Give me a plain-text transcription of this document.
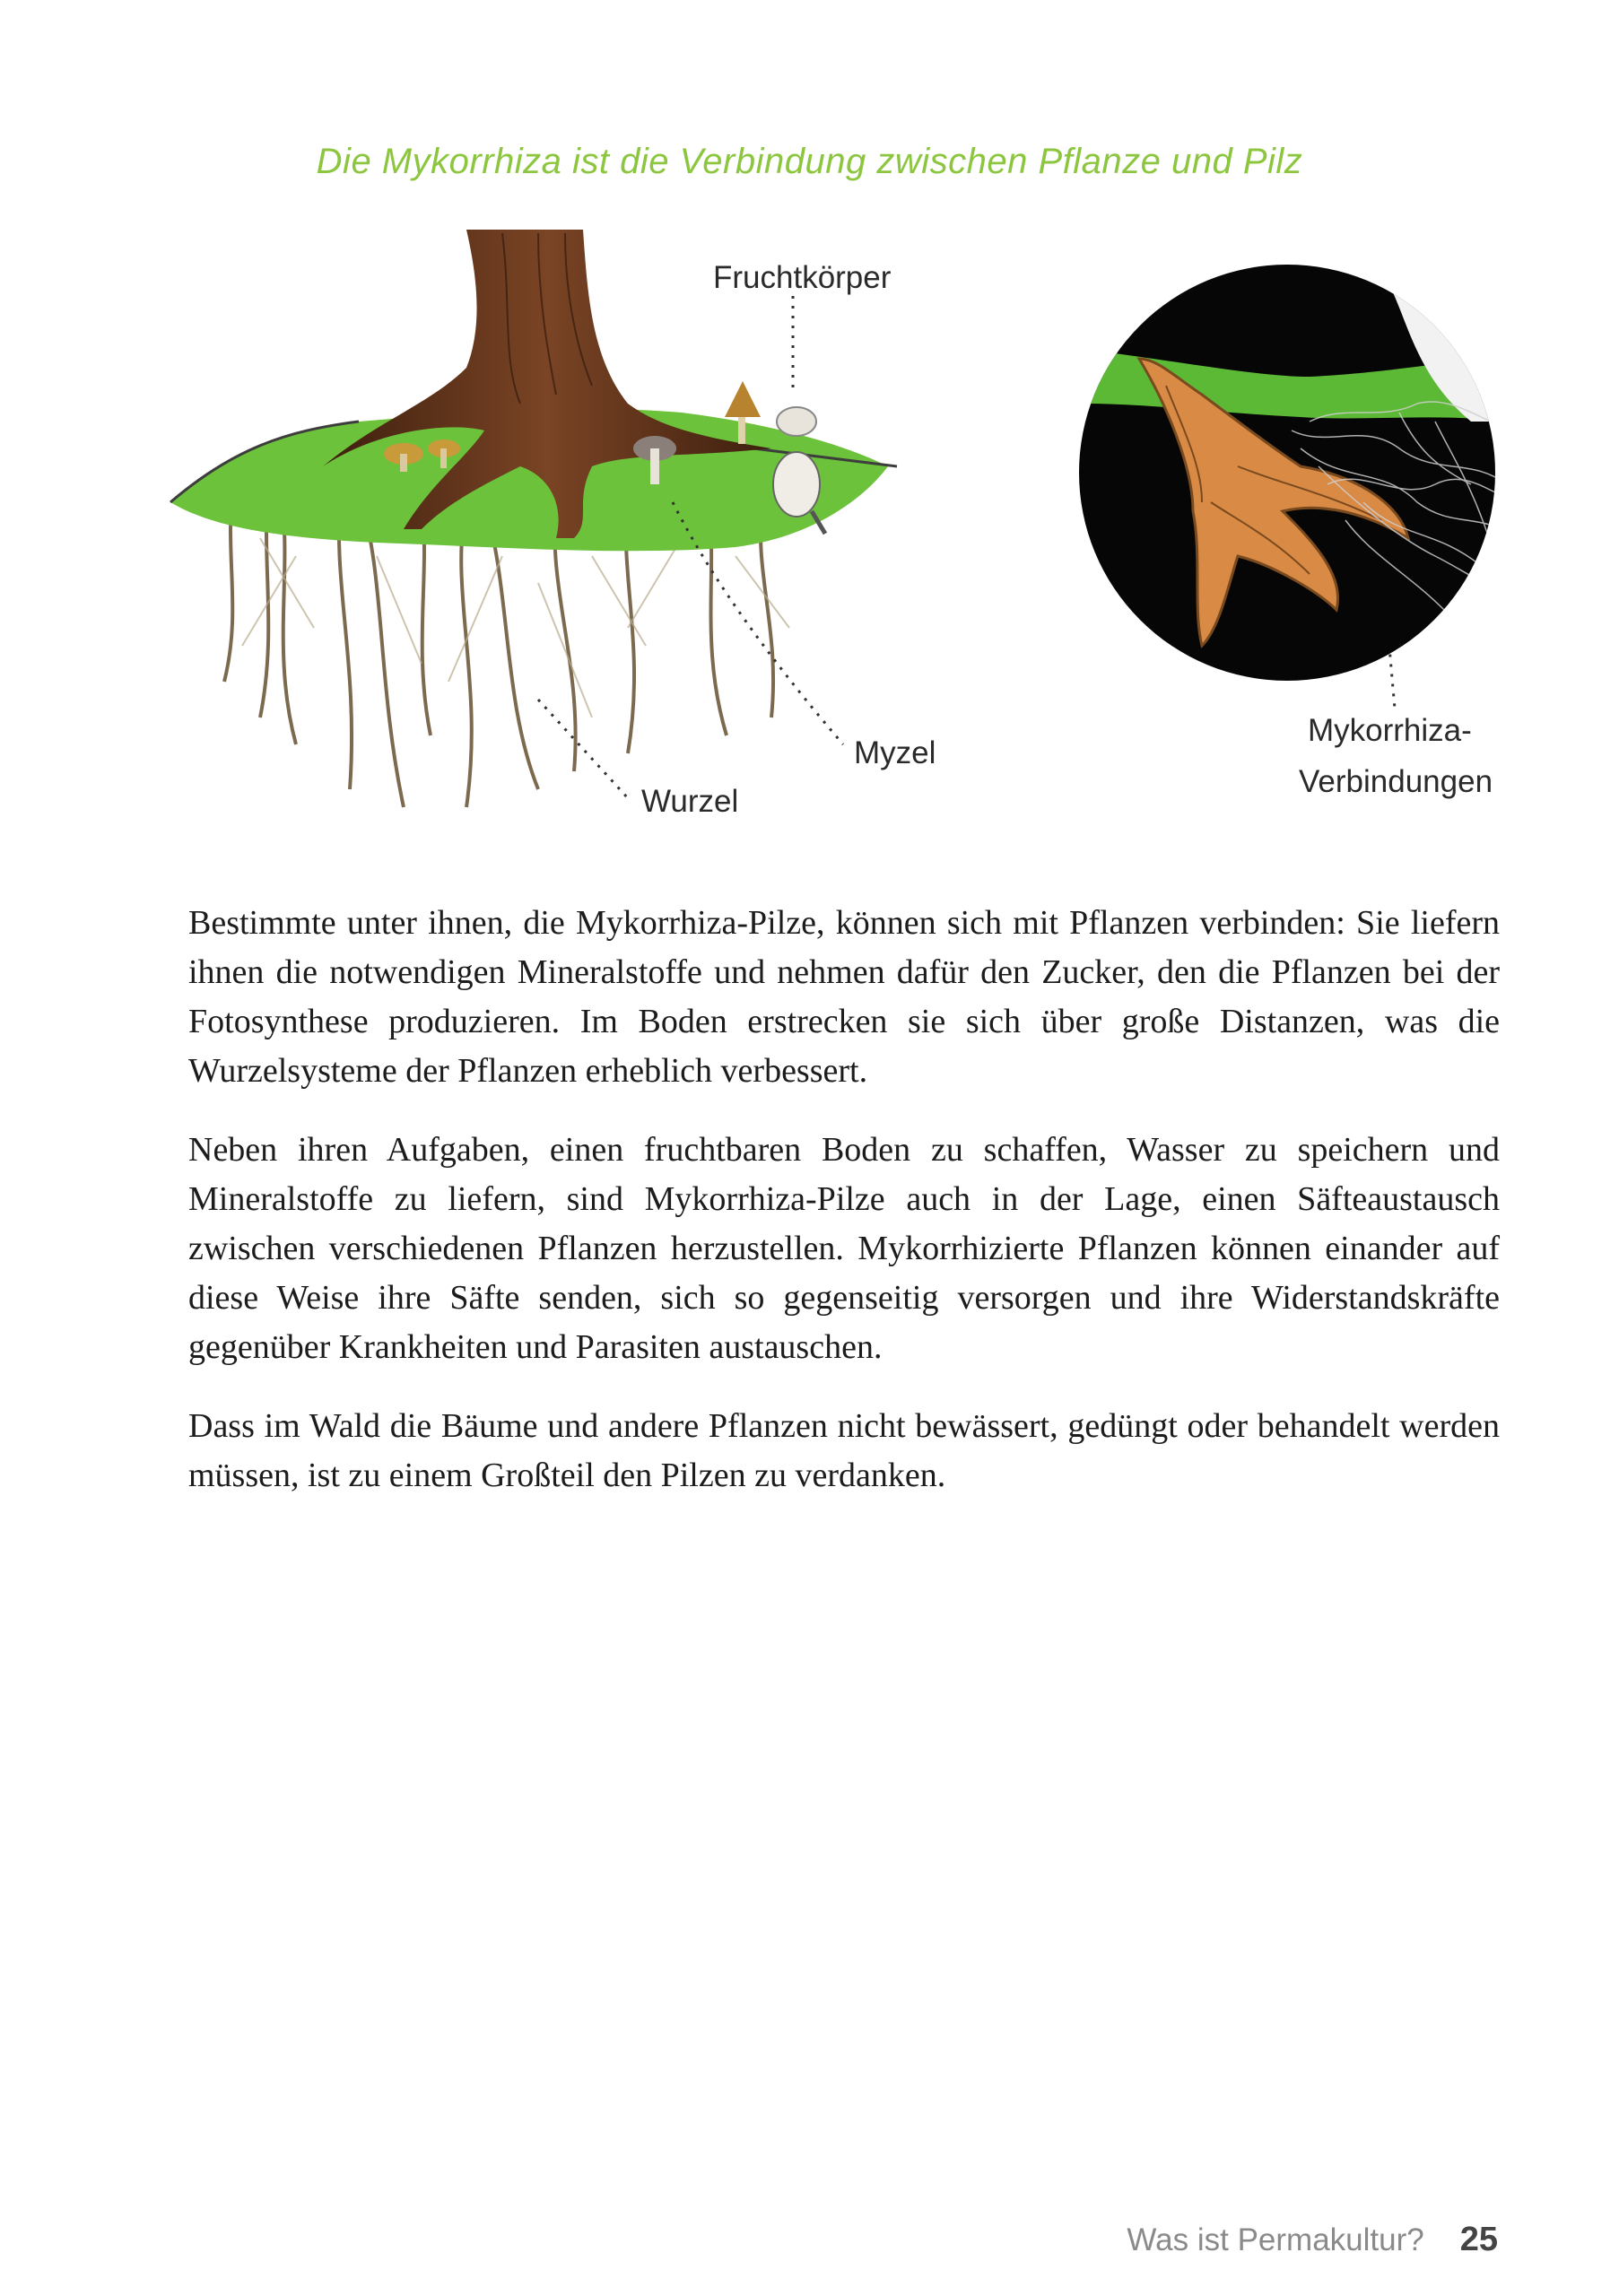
Die Mykorrhiza ist die Verbindung zwischen Pflanze und Pilz
Fruchtkörper
Myzel
Wurzel
Mykorrhiza-
Verbindungen

Bestimmte unter ihnen, die Mykorrhiza-Pilze, können sich mit Pflanzen verbinden: Sie liefern ihnen die notwendigen Mineralstoffe und nehmen dafür den Zucker, den die Pflanzen bei der Fotosynthese produzieren. Im Boden erstrecken sie sich über große Distanzen, was die Wurzelsysteme der Pflanzen erheblich verbessert.

Neben ihren Aufgaben, einen fruchtbaren Boden zu schaffen, Wasser zu speichern und Mineralstoffe zu liefern, sind Mykorrhiza-Pilze auch in der Lage, einen Säfteaustausch zwischen verschiedenen Pflanzen herzustellen. Mykorrhizierte Pflanzen können einander auf diese Weise ihre Säfte senden, sich so gegenseitig versorgen und ihre Widerstandskräfte gegenüber Krankheiten und Parasiten austauschen.

Dass im Wald die Bäume und andere Pflanzen nicht bewässert, gedüngt oder behandelt werden müssen, ist zu einem Großteil den Pilzen zu verdanken.

Was ist Permakultur? 25
